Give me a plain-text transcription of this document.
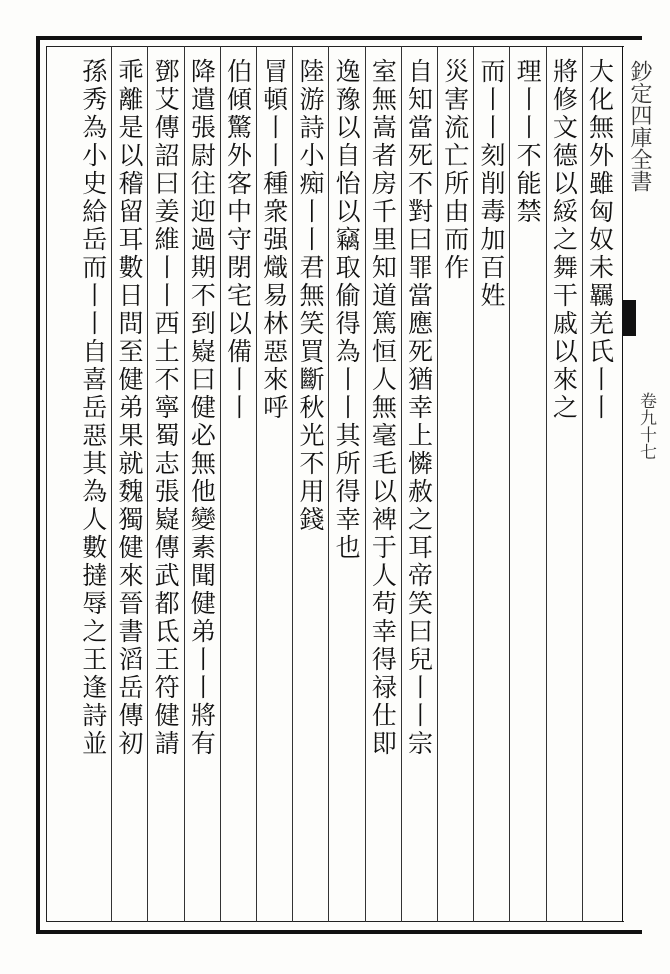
鈔定四庫全書
卷九十七
大化無外雖匈奴未羈羌氏丨丨
將修文德以綏之舞干戚以來之
理丨丨不能禁
而丨丨刻削毒加百姓
災害流亡所由而作
自知當死不對曰罪當應死猶幸上憐赦之耳帝笑曰兒丨丨宗
室無嵩者房千里知道篤恒人無毫毛以裨于人苟幸得禄仕即
逸豫以自怡以竊取偷得為丨丨其所得幸也
陸游詩小痴丨丨君無笑買斷秋光不用錢
冒頓丨丨種衆强熾易林惡來呼
伯傾驚外客中守閉宅以備丨丨
降遣張尉往迎過期不到嶷曰健必無他變素聞健弟丨丨將有
鄧艾傳詔曰姜維丨丨西土不寧蜀志張嶷傳武都氐王符健請
乖離是以稽留耳數日問至健弟果就魏獨健來晉書滔岳傳初
孫秀為小史給岳而丨丨自喜岳惡其為人數撻辱之王逢詩並
